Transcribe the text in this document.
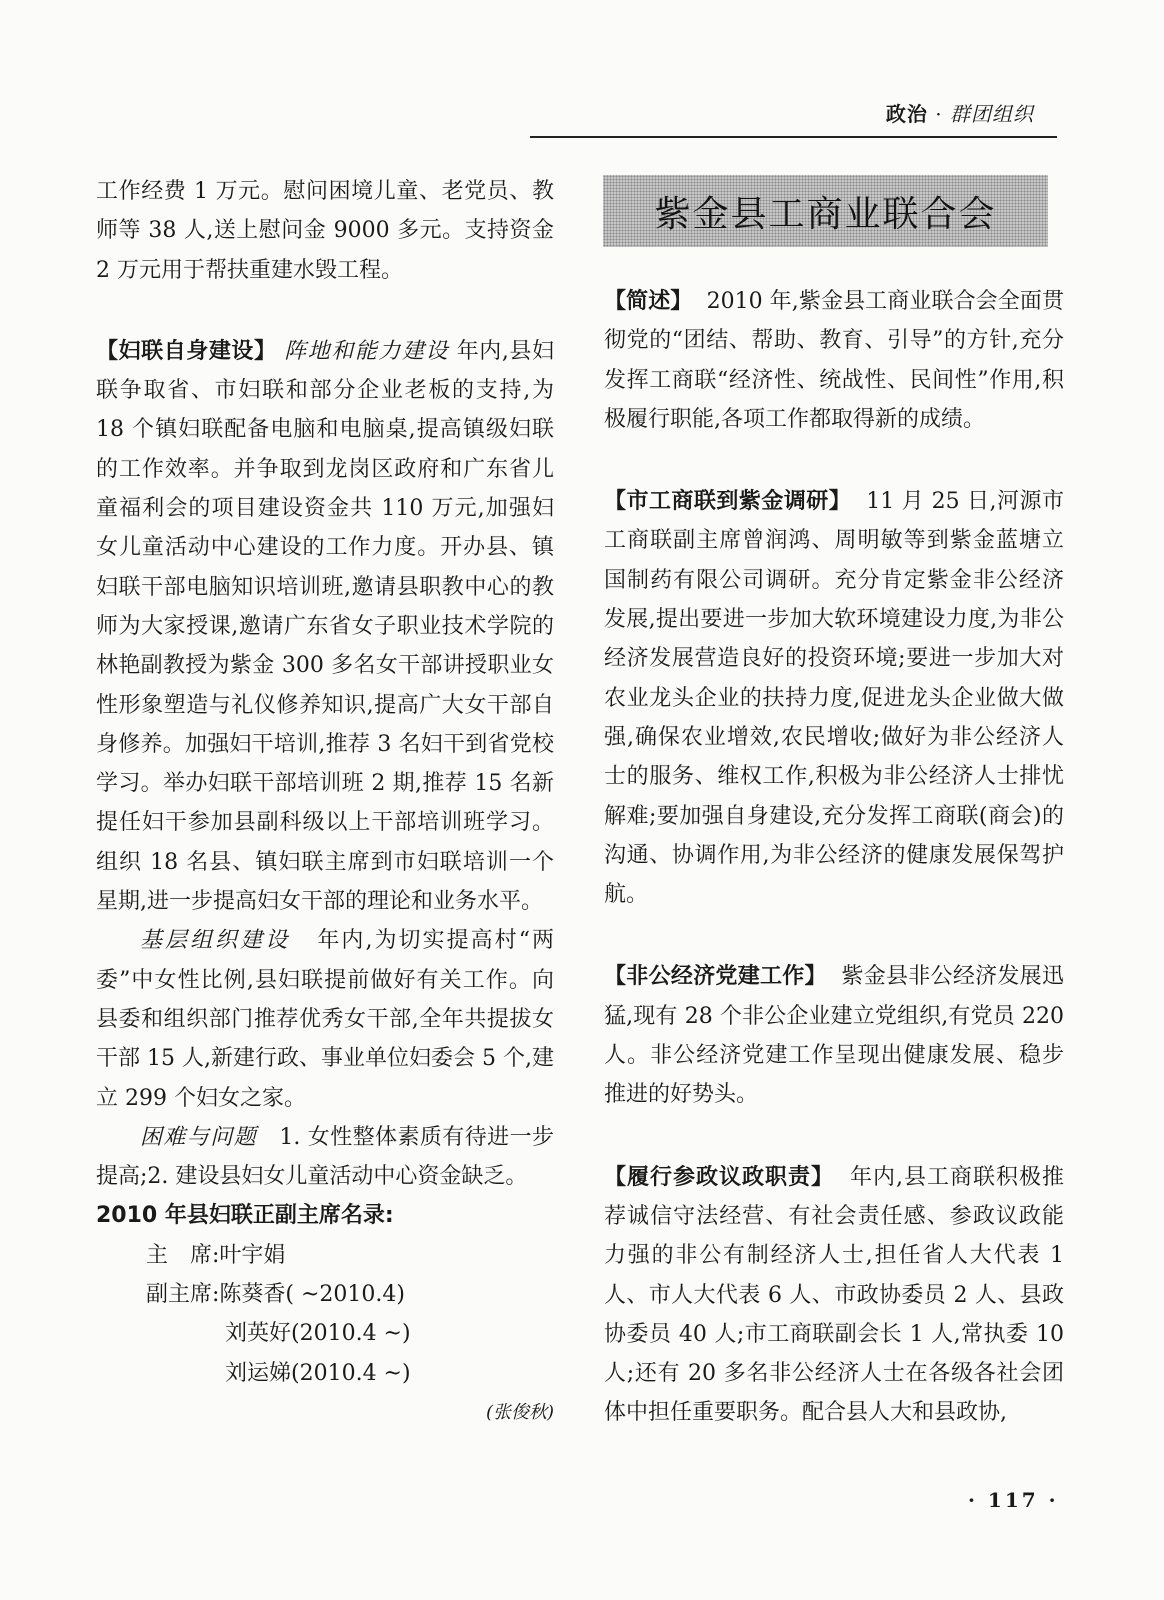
政治 · 群团组织

工作经费 1 万元。慰问困境儿童、老党员、教师等 38 人,送上慰问金 9000 多元。支持资金 2 万元用于帮扶重建水毁工程。

【妇联自身建设】 阵地和能力建设 年内,县妇联争取省、市妇联和部分企业老板的支持,为 18 个镇妇联配备电脑和电脑桌,提高镇级妇联的工作效率。并争取到龙岗区政府和广东省儿童福利会的项目建设资金共 110 万元,加强妇女儿童活动中心建设的工作力度。开办县、镇妇联干部电脑知识培训班,邀请县职教中心的教师为大家授课,邀请广东省女子职业技术学院的林艳副教授为紫金 300 多名女干部讲授职业女性形象塑造与礼仪修养知识,提高广大女干部自身修养。加强妇干培训,推荐 3 名妇干到省党校学习。举办妇联干部培训班 2 期,推荐 15 名新提任妇干参加县副科级以上干部培训班学习。组织 18 名县、镇妇联主席到市妇联培训一个星期,进一步提高妇女干部的理论和业务水平。

基层组织建设 年内,为切实提高村“两委”中女性比例,县妇联提前做好有关工作。向县委和组织部门推荐优秀女干部,全年共提拔女干部 15 人,新建行政、事业单位妇委会 5 个,建立 299 个妇女之家。

困难与问题 1. 女性整体素质有待进一步提高;2. 建设县妇女儿童活动中心资金缺乏。

2010 年县妇联正副主席名录:

主　席:叶宇娟

副主席:陈葵香( ~2010.4)

刘英好(2010.4 ~)

刘运娣(2010.4 ~)

(张俊秋)

紫金县工商业联合会

【简述】 2010 年,紫金县工商业联合会全面贯彻党的“团结、帮助、教育、引导”的方针,充分发挥工商联“经济性、统战性、民间性”作用,积极履行职能,各项工作都取得新的成绩。

【市工商联到紫金调研】 11 月 25 日,河源市工商联副主席曾润鸿、周明敏等到紫金蓝塘立国制药有限公司调研。充分肯定紫金非公经济发展,提出要进一步加大软环境建设力度,为非公经济发展营造良好的投资环境;要进一步加大对农业龙头企业的扶持力度,促进龙头企业做大做强,确保农业增效,农民增收;做好为非公经济人士的服务、维权工作,积极为非公经济人士排忧解难;要加强自身建设,充分发挥工商联(商会)的沟通、协调作用,为非公经济的健康发展保驾护航。

【非公经济党建工作】 紫金县非公经济发展迅猛,现有 28 个非公企业建立党组织,有党员 220 人。非公经济党建工作呈现出健康发展、稳步推进的好势头。

【履行参政议政职责】 年内,县工商联积极推荐诚信守法经营、有社会责任感、参政议政能力强的非公有制经济人士,担任省人大代表 1 人、市人大代表 6 人、市政协委员 2 人、县政协委员 40 人;市工商联副会长 1 人,常执委 10 人;还有 20 多名非公经济人士在各级各社会团体中担任重要职务。配合县人大和县政协,

· 117 ·
